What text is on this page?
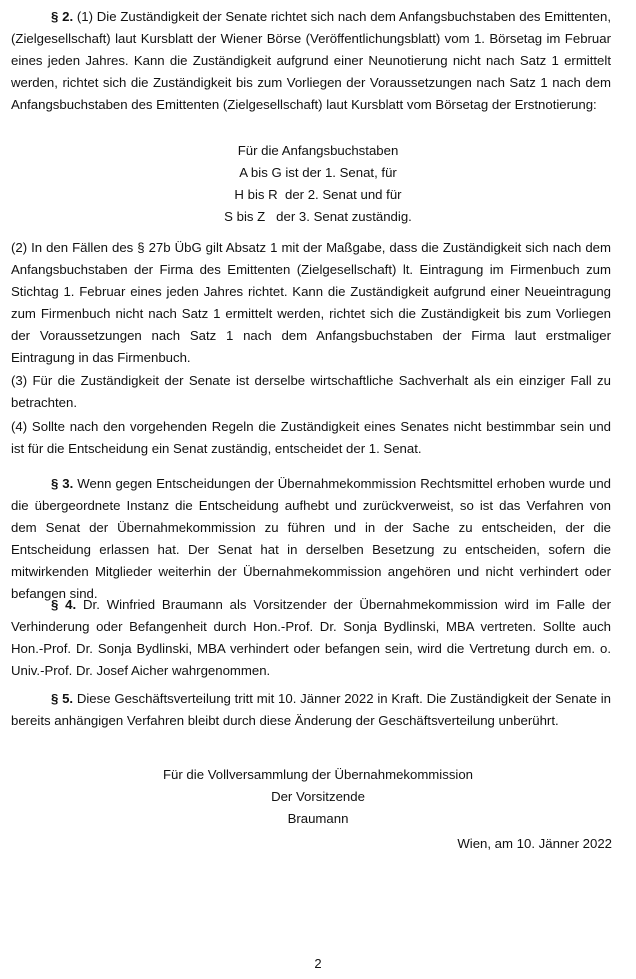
§ 2. (1) Die Zuständigkeit der Senate richtet sich nach dem Anfangsbuchstaben des Emittenten, (Zielgesellschaft) laut Kursblatt der Wiener Börse (Veröffentlichungsblatt) vom 1. Börsetag im Februar eines jeden Jahres. Kann die Zuständigkeit aufgrund einer Neunotierung nicht nach Satz 1 ermittelt werden, richtet sich die Zuständigkeit bis zum Vorliegen der Voraussetzungen nach Satz 1 nach dem Anfangsbuchstaben des Emittenten (Zielgesellschaft) laut Kursblatt vom Börsetag der Erstnotierung:

Für die Anfangsbuchstaben
A bis G ist der 1. Senat, für
H bis R  der 2. Senat und für
S bis Z   der 3. Senat zuständig.

(2) In den Fällen des § 27b ÜbG gilt Absatz 1 mit der Maßgabe, dass die Zuständigkeit sich nach dem Anfangsbuchstaben der Firma des Emittenten (Zielgesellschaft) lt. Eintragung im Firmenbuch zum Stichtag 1. Februar eines jeden Jahres richtet. Kann die Zuständigkeit aufgrund einer Neueintragung zum Firmenbuch nicht nach Satz 1 ermittelt werden, richtet sich die Zuständigkeit bis zum Vorliegen der Voraussetzungen nach Satz 1 nach dem Anfangsbuchstaben der Firma laut erstmaliger Eintragung in das Firmenbuch.

(3) Für die Zuständigkeit der Senate ist derselbe wirtschaftliche Sachverhalt als ein einziger Fall zu betrachten.

(4) Sollte nach den vorgehenden Regeln die Zuständigkeit eines Senates nicht bestimmbar sein und ist für die Entscheidung ein Senat zuständig, entscheidet der 1. Senat.

§ 3. Wenn gegen Entscheidungen der Übernahmekommission Rechtsmittel erhoben wurde und die übergeordnete Instanz die Entscheidung aufhebt und zurückverweist, so ist das Verfahren von dem Senat der Übernahmekommission zu führen und in der Sache zu entscheiden, der die Entscheidung erlassen hat. Der Senat hat in derselben Besetzung zu entscheiden, sofern die mitwirkenden Mitglieder weiterhin der Übernahmekommission angehören und nicht verhindert oder befangen sind.

§ 4. Dr. Winfried Braumann als Vorsitzender der Übernahmekommission wird im Falle der Verhinderung oder Befangenheit durch Hon.-Prof. Dr. Sonja Bydlinski, MBA vertreten. Sollte auch Hon.-Prof. Dr. Sonja Bydlinski, MBA verhindert oder befangen sein, wird die Vertretung durch em. o. Univ.-Prof. Dr. Josef Aicher wahrgenommen.

§ 5. Diese Geschäftsverteilung tritt mit 10. Jänner 2022 in Kraft. Die Zuständigkeit der Senate in bereits anhängigen Verfahren bleibt durch diese Änderung der Geschäftsverteilung unberührt.

Für die Vollversammlung der Übernahmekommission
Der Vorsitzende
Braumann
Wien, am 10. Jänner 2022
2
